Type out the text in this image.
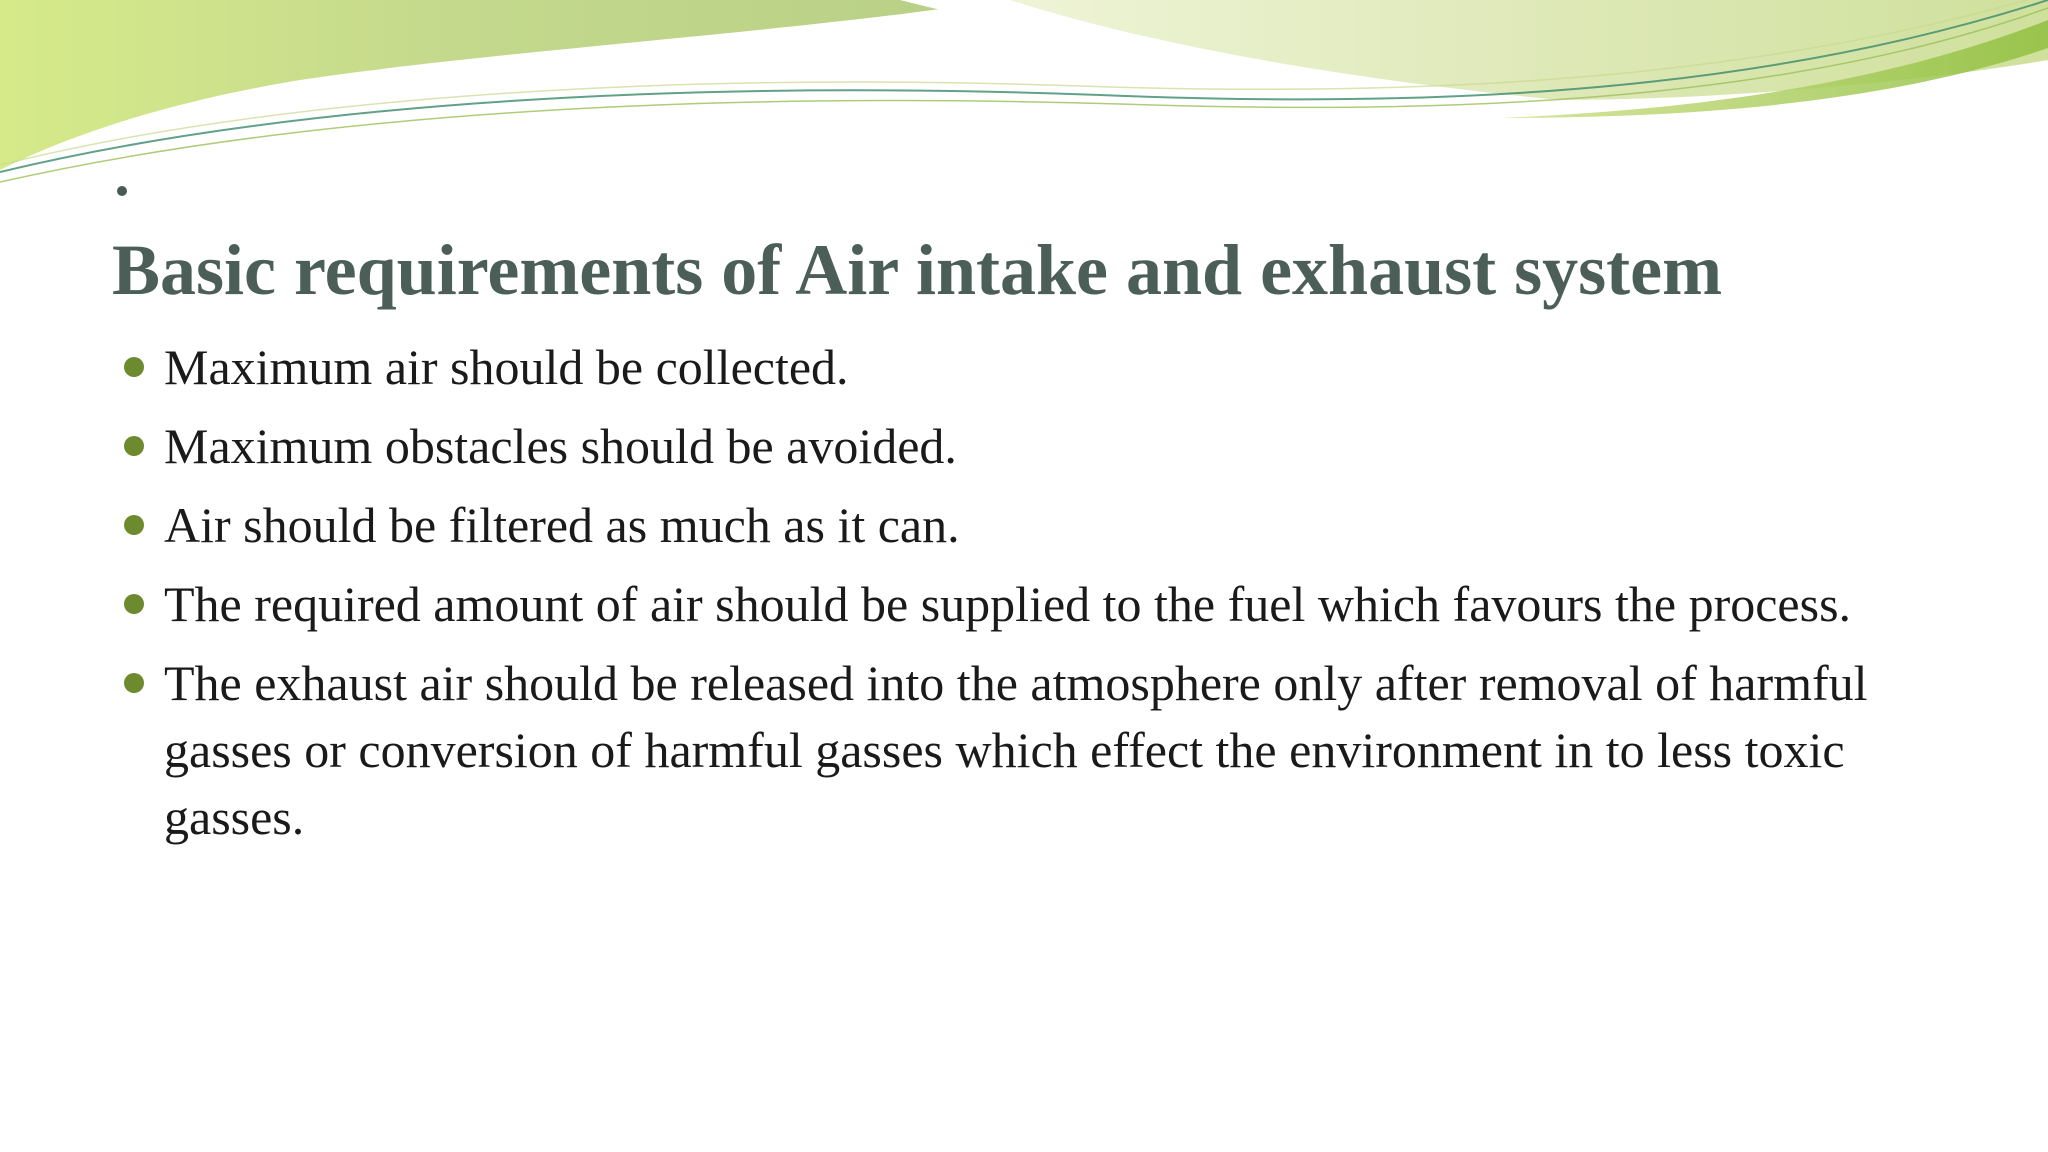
Basic requirements of Air intake and exhaust system
Maximum air should be collected.
Maximum obstacles should be avoided.
Air should be filtered as much as it can.
The required amount of air should be supplied to the fuel which favours the process.
The exhaust air should be released into the atmosphere only after removal of harmful gasses or conversion of harmful gasses which effect the environment in to less toxic gasses.
